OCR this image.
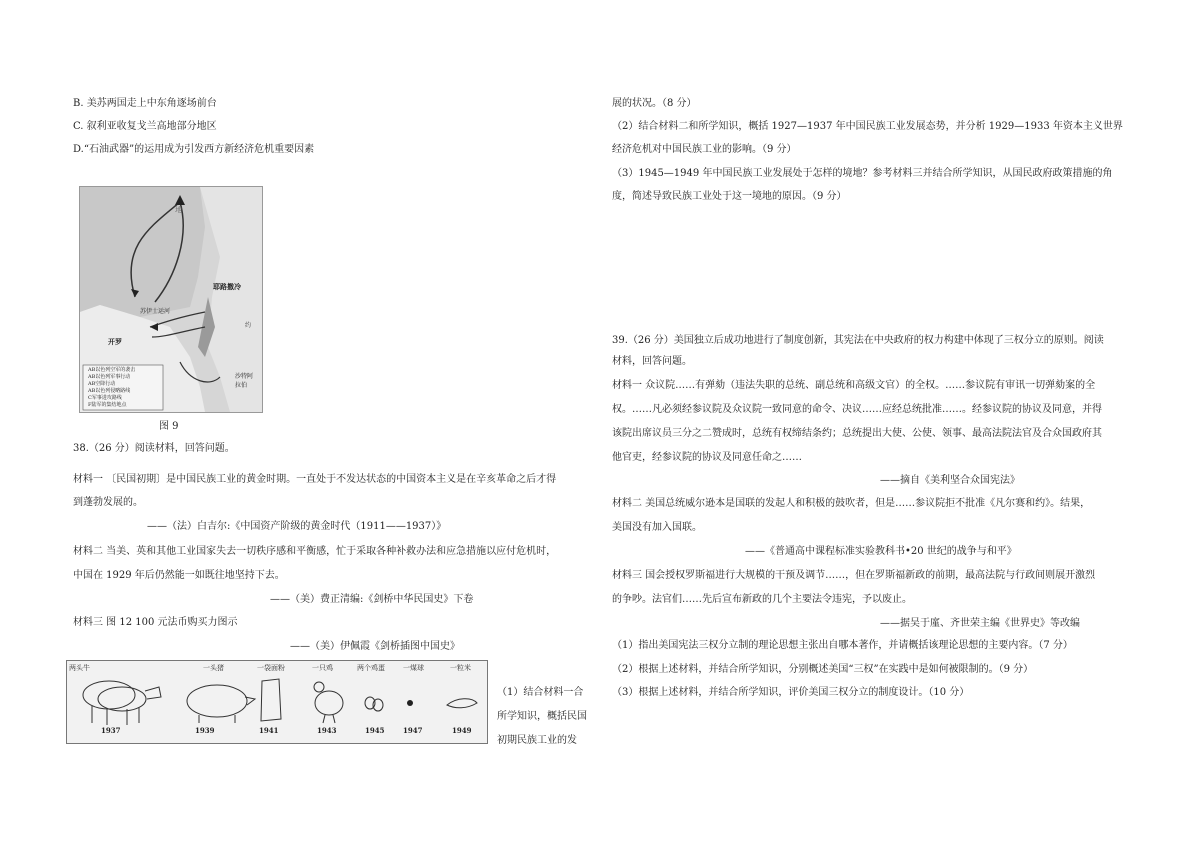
B. 美苏两国走上中东角逐场前台
C. 叙利亚收复戈兰高地部分地区
D.“石油武器”的运用成为引发西方新经济危机重要因素
地
约
开罗
耶路撒冷
苏伊士运河
沙特阿拉伯
AB以色列空军的袭击
AB以色列军事行动
AB空降行动
AB以色列侵略路线
C军事进攻路线
F陆军的集结地点
图 9
38.（26 分）阅读材料，回答问题。
材料一 〔民国初期〕是中国民族工业的黄金时期。一直处于不发达状态的中国资本主义是在辛亥革命之后才得
到蓬勃发展的。
——（法）白吉尔:《中国资产阶级的黄金时代（1911——1937）》
材料二 当美、英和其他工业国家失去一切秩序感和平衡感，忙于采取各种补救办法和应急措施以应付危机时，
中国在 1929 年后仍然能一如既往地坚持下去。
——（美）费正清编:《剑桥中华民国史》下卷
材料三 图 12 100 元法币购买力图示
——（美）伊佩霞《剑桥插图中国史》
两头牛
1937
一头猪
1939
一袋面粉
1941
一只鸡
1943
两个鸡蛋
1945
一煤球
1947
一粒米
1949
（1）结合材料一合
所学知识，概括民国
初期民族工业的发
展的状况。（8 分）
（2）结合材料二和所学知识，概括 1927—1937 年中国民族工业发展态势，并分析 1929—1933 年资本主义世界
经济危机对中国民族工业的影响。（9 分）
（3）1945—1949 年中国民族工业发展处于怎样的境地？参考材料三并结合所学知识，从国民政府政策措施的角
度，简述导致民族工业处于这一境地的原因。（9 分）
39.（26 分）美国独立后成功地进行了制度创新，其宪法在中央政府的权力构建中体现了三权分立的原则。阅读
材料，回答问题。
材料一 众议院……有弹劾（违法失职的总统、副总统和高级文官）的全权。……参议院有审讯一切弹劾案的全
权。……凡必须经参议院及众议院一致同意的命令、决议……应经总统批准……。经参议院的协议及同意，并得
该院出席议员三分之二赞成时，总统有权缔结条约；总统提出大使、公使、领事、最高法院法官及合众国政府其
他官吏，经参议院的协议及同意任命之……
——摘自《美利坚合众国宪法》
材料二 美国总统威尔逊本是国联的发起人和积极的鼓吹者，但是……参议院拒不批准《凡尔赛和约》。结果，
美国没有加入国联。
——《普通高中课程标准实验教科书•20 世纪的战争与和平》
材料三 国会授权罗斯福进行大规模的干预及调节……，但在罗斯福新政的前期，最高法院与行政间则展开激烈
的争吵。法官们……先后宣布新政的几个主要法令违宪，予以废止。
——据吴于廑、齐世荣主编《世界史》等改编
（1）指出美国宪法三权分立制的理论思想主张出自哪本著作，并请概括该理论思想的主要内容。（7 分）
（2）根据上述材料，并结合所学知识，分别概述美国“三权”在实践中是如何被限制的。（9 分）
（3）根据上述材料，并结合所学知识，评价美国三权分立的制度设计。（10 分）
